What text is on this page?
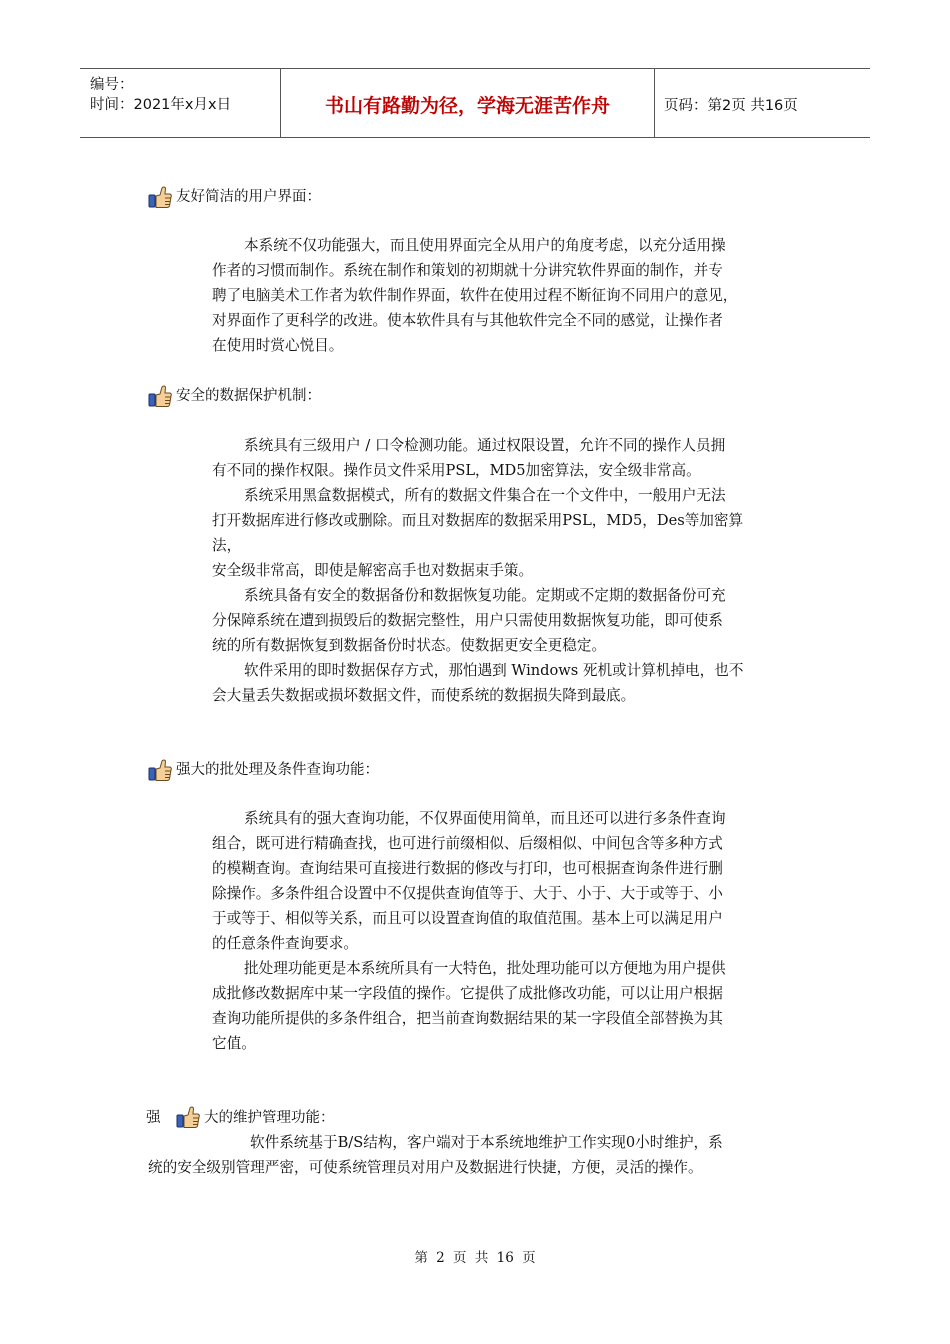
编号：
时间：2021年x月x日	书山有路勤为径，学海无涯苦作舟	页码：第2页 共16页
友好简洁的用户界面：
本系统不仅功能强大，而且使用界面完全从用户的角度考虑，以充分适用操
作者的习惯而制作。系统在制作和策划的初期就十分讲究软件界面的制作，并专
聘了电脑美术工作者为软件制作界面，软件在使用过程不断征询不同用户的意见，
对界面作了更科学的改进。使本软件具有与其他软件完全不同的感觉，让操作者
在使用时赏心悦目。
安全的数据保护机制：
系统具有三级用户 / 口令检测功能。通过权限设置，允许不同的操作人员拥
有不同的操作权限。操作员文件采用PSL，MD5加密算法，安全级非常高。
系统采用黑盒数据模式，所有的数据文件集合在一个文件中，一般用户无法
打开数据库进行修改或删除。而且对数据库的数据采用PSL，MD5，Des等加密算
法，
安全级非常高，即使是解密高手也对数据束手策。
系统具备有安全的数据备份和数据恢复功能。定期或不定期的数据备份可充
分保障系统在遭到损毁后的数据完整性，用户只需使用数据恢复功能，即可使系
统的所有数据恢复到数据备份时状态。使数据更安全更稳定。
软件采用的即时数据保存方式，那怕遇到 Windows 死机或计算机掉电，也不
会大量丢失数据或损坏数据文件，而使系统的数据损失降到最底。
强大的批处理及条件查询功能：
系统具有的强大查询功能，不仅界面使用简单，而且还可以进行多条件查询
组合，既可进行精确查找，也可进行前缀相似、后缀相似、中间包含等多种方式
的模糊查询。查询结果可直接进行数据的修改与打印，也可根据查询条件进行删
除操作。多条件组合设置中不仅提供查询值等于、大于、小于、大于或等于、小
于或等于、相似等关系，而且可以设置查询值的取值范围。基本上可以满足用户
的任意条件查询要求。
批处理功能更是本系统所具有一大特色，批处理功能可以方便地为用户提供
成批修改数据库中某一字段值的操作。它提供了成批修改功能，可以让用户根据
查询功能所提供的多条件组合，把当前查询数据结果的某一字段值全部替换为其
它值。
强	大的维护管理功能：
软件系统基于B/S结构，客户端对于本系统地维护工作实现0小时维护，系
统的安全级别管理严密，可使系统管理员对用户及数据进行快捷，方便，灵活的操作。
第 2 页 共 16 页
